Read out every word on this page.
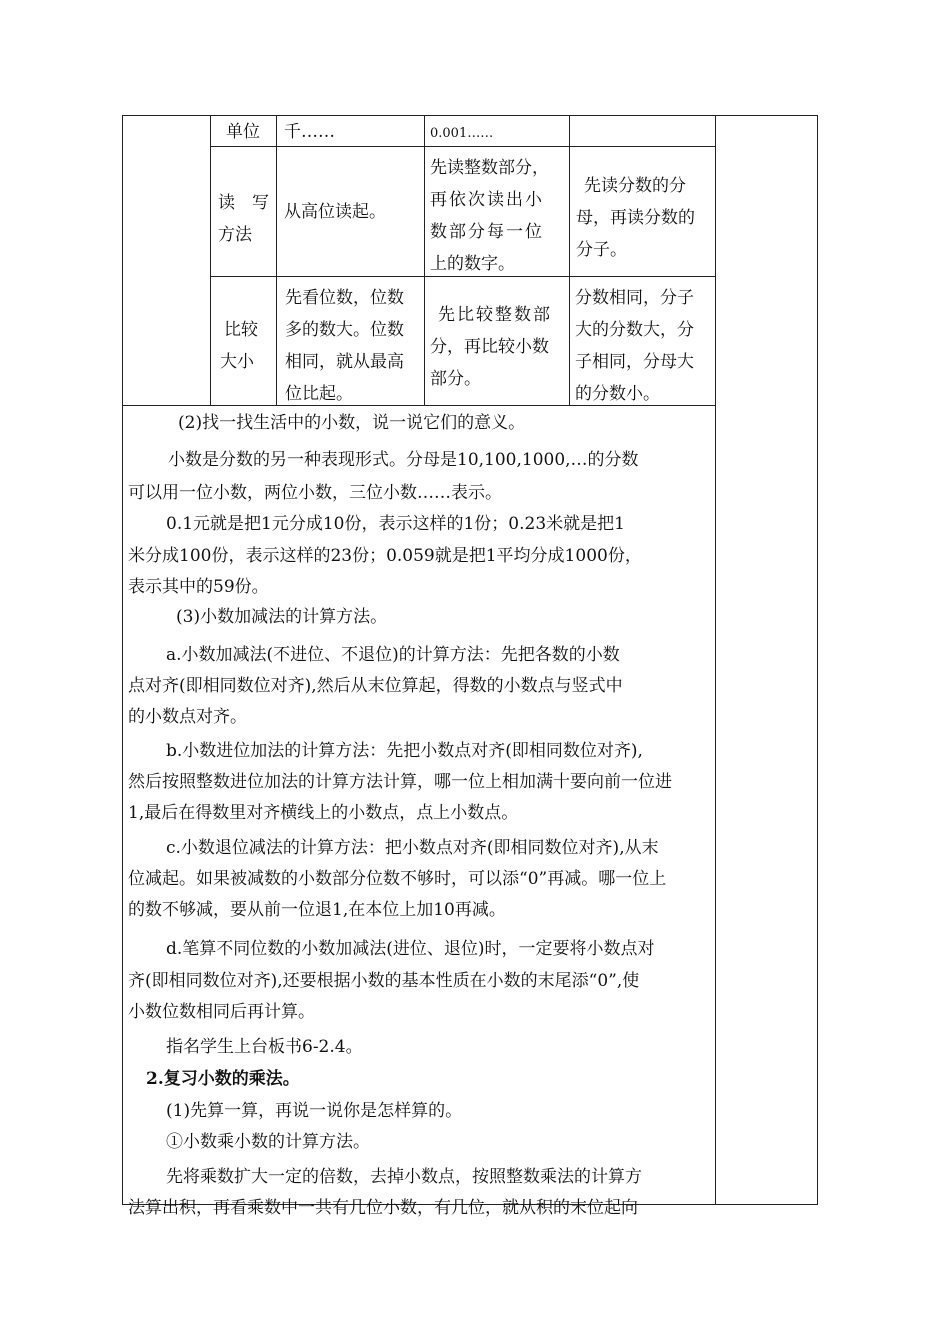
单位	千……	0.001……
读　写
方法
从高位读起。
先读整数部分，
再依次读出小
数部分每一位
上的数字。
先读分数的分
母，再读分数的
分子。
比较
大小
先看位数，位数
多的数大。位数
相同，就从最高
位比起。
先比较整数部
分，再比较小数
部分。
分数相同，分子
大的分数大，分
子相同，分母大
的分数小。

(2)找一找生活中的小数，说一说它们的意义。

小数是分数的另一种表现形式。分母是10,100,1000,…的分数

可以用一位小数，两位小数，三位小数……表示。

0.1元就是把1元分成10份，表示这样的1份；0.23米就是把1

米分成100份，表示这样的23份；0.059就是把1平均分成1000份，

表示其中的59份。

(3)小数加减法的计算方法。

a.小数加减法(不进位、不退位)的计算方法：先把各数的小数

点对齐(即相同数位对齐),然后从末位算起，得数的小数点与竖式中

的小数点对齐。

b.小数进位加法的计算方法：先把小数点对齐(即相同数位对齐),

然后按照整数进位加法的计算方法计算，哪一位上相加满十要向前一位进

1,最后在得数里对齐横线上的小数点，点上小数点。

c.小数退位减法的计算方法：把小数点对齐(即相同数位对齐),从末

位减起。如果被减数的小数部分位数不够时，可以添“0”再减。哪一位上

的数不够减，要从前一位退1,在本位上加10再减。

d.笔算不同位数的小数加减法(进位、退位)时，一定要将小数点对

齐(即相同数位对齐),还要根据小数的基本性质在小数的末尾添“0”,使

小数位数相同后再计算。

指名学生上台板书6-2.4。

2.复习小数的乘法。

(1)先算一算，再说一说你是怎样算的。

①小数乘小数的计算方法。

先将乘数扩大一定的倍数，去掉小数点，按照整数乘法的计算方

法算出积，再看乘数中一共有几位小数，有几位，就从积的末位起向
